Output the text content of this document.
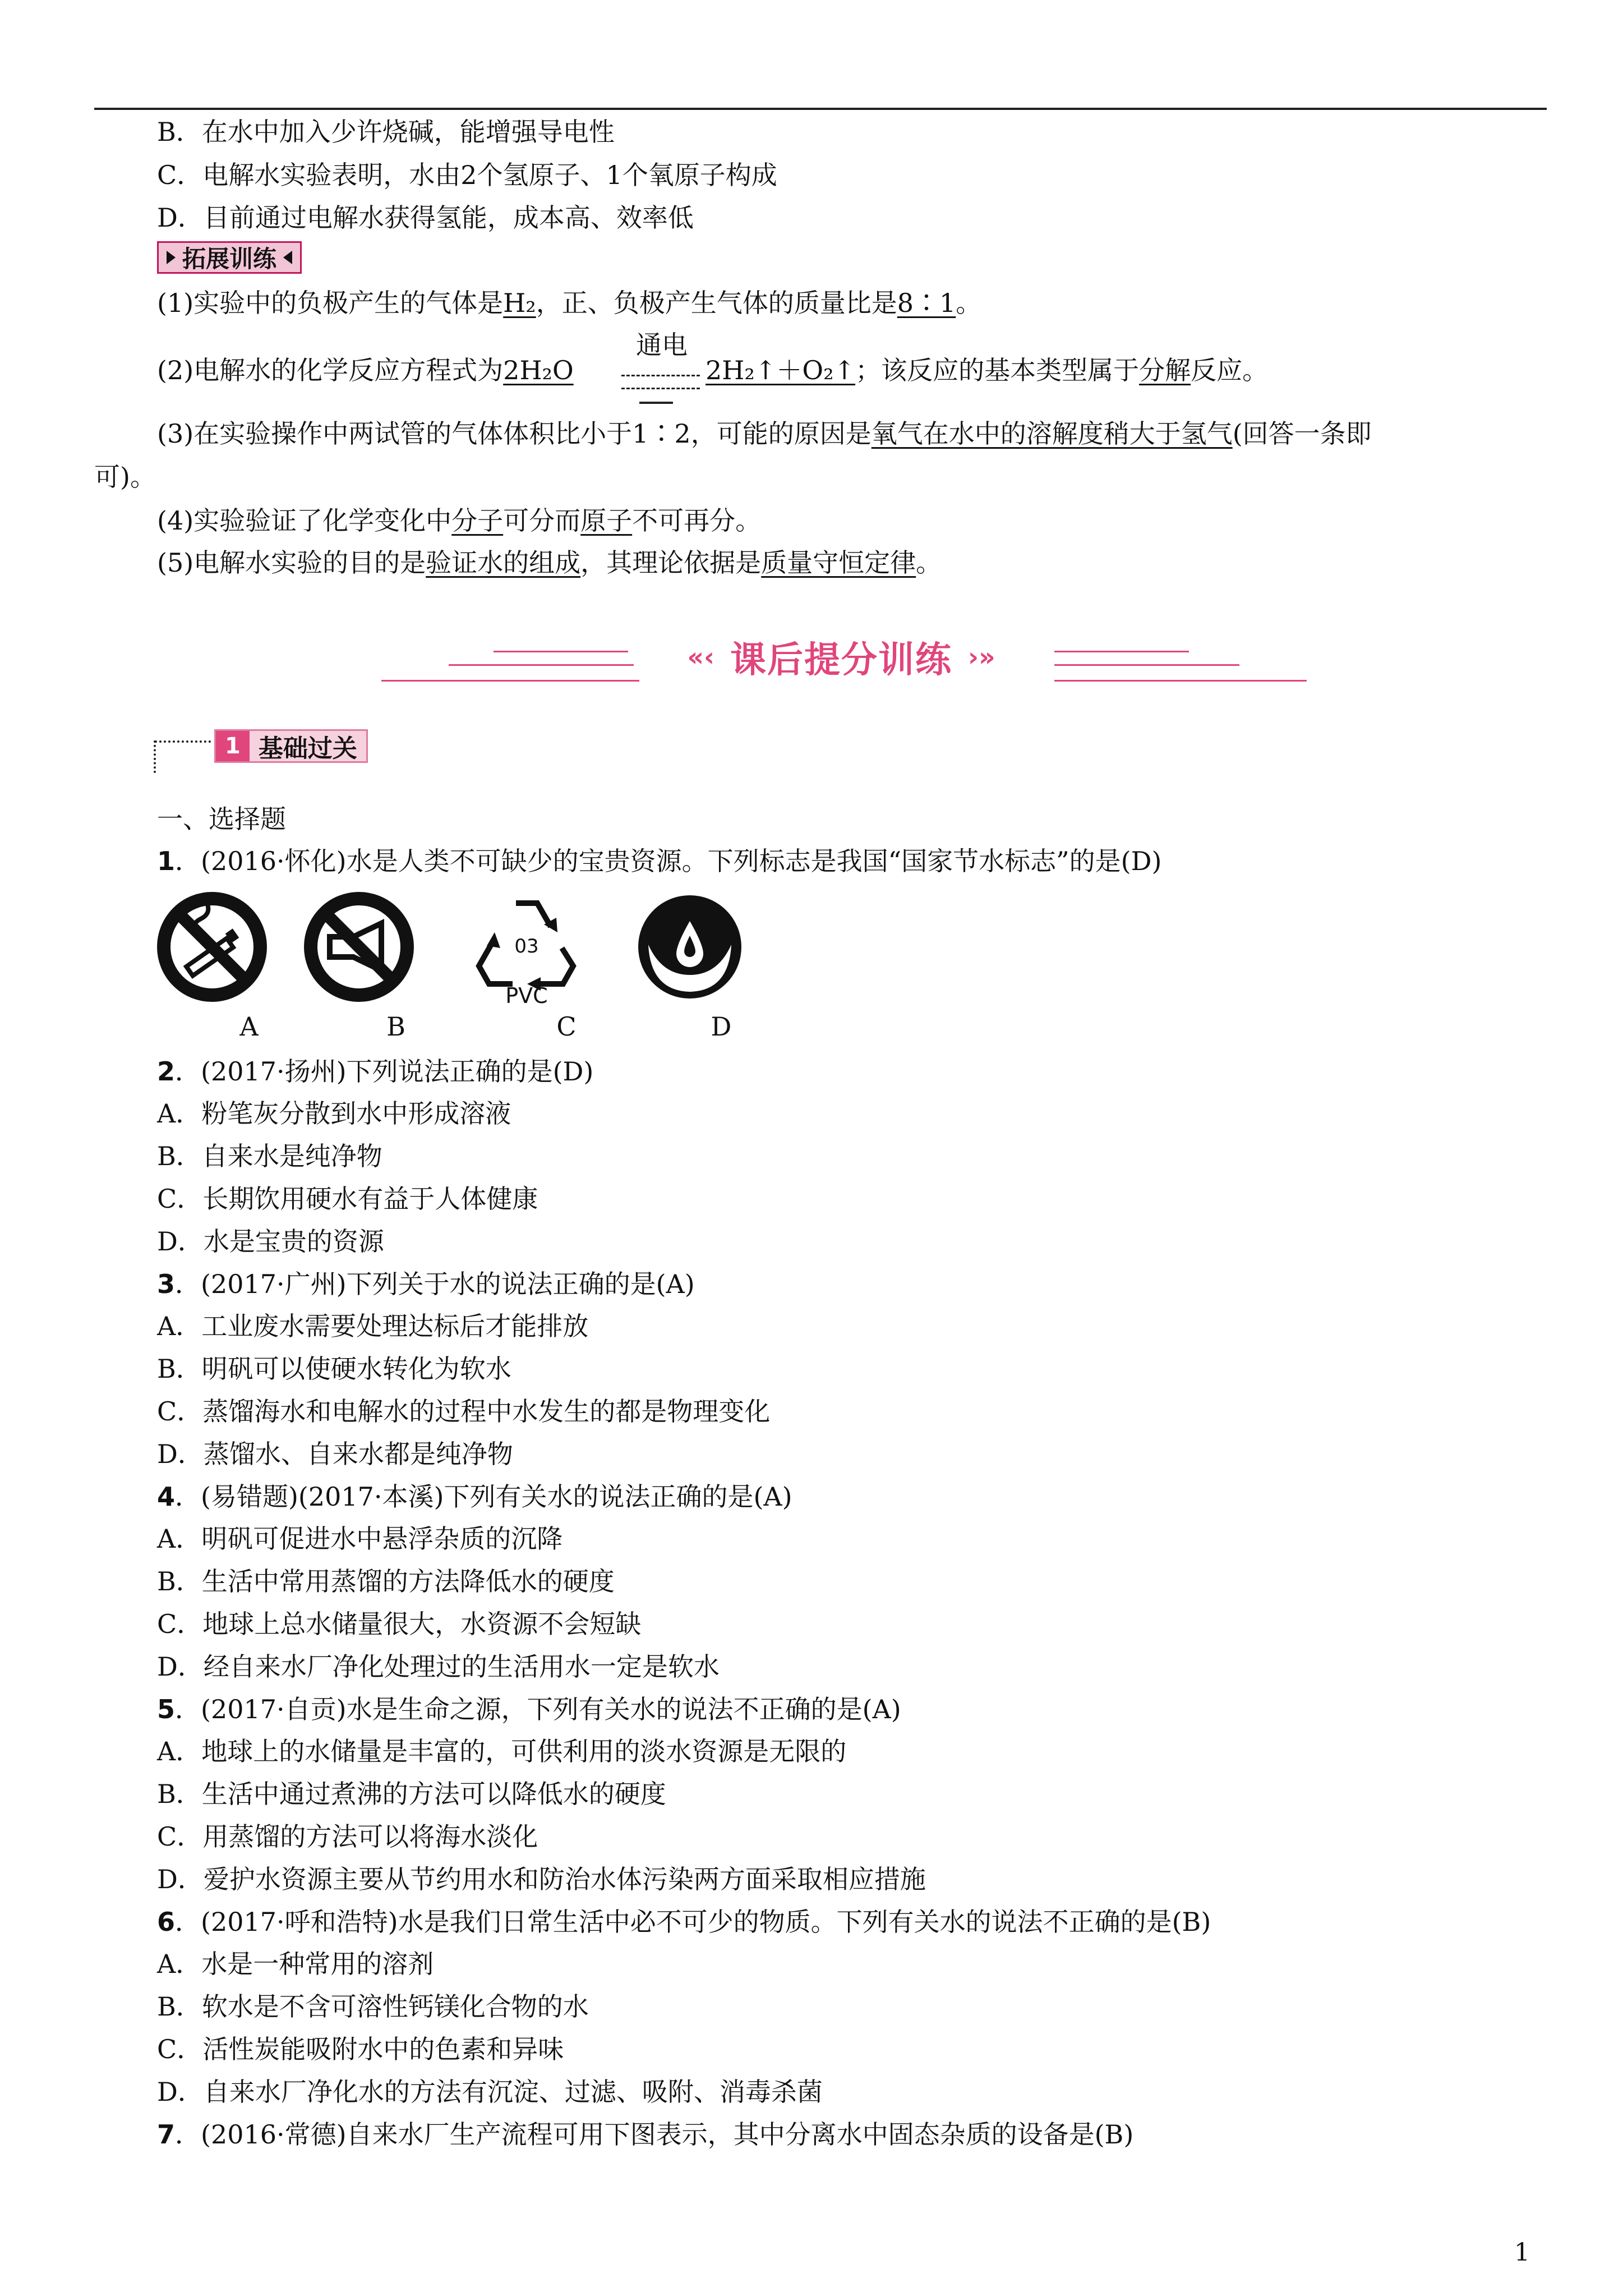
B．在水中加入少许烧碱，能增强导电性
C．电解水实验表明，水由2个氢原子、1个氧原子构成
D．目前通过电解水获得氢能，成本高、效率低
拓展训练
(1)实验中的负极产生的气体是H₂，正、负极产生气体的质量比是8∶1。
通电
(2)电解水的化学反应方程式为2H₂O	2H₂↑＋O₂↑；该反应的基本类型属于分解反应。
(3)在实验操作中两试管的气体体积比小于1∶2，可能的原因是氧气在水中的溶解度稍大于氢气(回答一条即
可)。
(4)实验验证了化学变化中分子可分而原子不可再分。
(5)电解水实验的目的是验证水的组成，其理论依据是质量守恒定律。
«‹ 课后提分训练 ›»
1 基础过关
一、选择题
1．(2016·怀化)水是人类不可缺少的宝贵资源。下列标志是我国“国家节水标志”的是(D)
03
PVC
A	B	C	D
2．(2017·扬州)下列说法正确的是(D)
A．粉笔灰分散到水中形成溶液
B．自来水是纯净物
C．长期饮用硬水有益于人体健康
D．水是宝贵的资源
3．(2017·广州)下列关于水的说法正确的是(A)
A．工业废水需要处理达标后才能排放
B．明矾可以使硬水转化为软水
C．蒸馏海水和电解水的过程中水发生的都是物理变化
D．蒸馏水、自来水都是纯净物
4．(易错题)(2017·本溪)下列有关水的说法正确的是(A)
A．明矾可促进水中悬浮杂质的沉降
B．生活中常用蒸馏的方法降低水的硬度
C．地球上总水储量很大，水资源不会短缺
D．经自来水厂净化处理过的生活用水一定是软水
5．(2017·自贡)水是生命之源，下列有关水的说法不正确的是(A)
A．地球上的水储量是丰富的，可供利用的淡水资源是无限的
B．生活中通过煮沸的方法可以降低水的硬度
C．用蒸馏的方法可以将海水淡化
D．爱护水资源主要从节约用水和防治水体污染两方面采取相应措施
6．(2017·呼和浩特)水是我们日常生活中必不可少的物质。下列有关水的说法不正确的是(B)
A．水是一种常用的溶剂
B．软水是不含可溶性钙镁化合物的水
C．活性炭能吸附水中的色素和异味
D．自来水厂净化水的方法有沉淀、过滤、吸附、消毒杀菌
7．(2016·常德)自来水厂生产流程可用下图表示，其中分离水中固态杂质的设备是(B)
1
